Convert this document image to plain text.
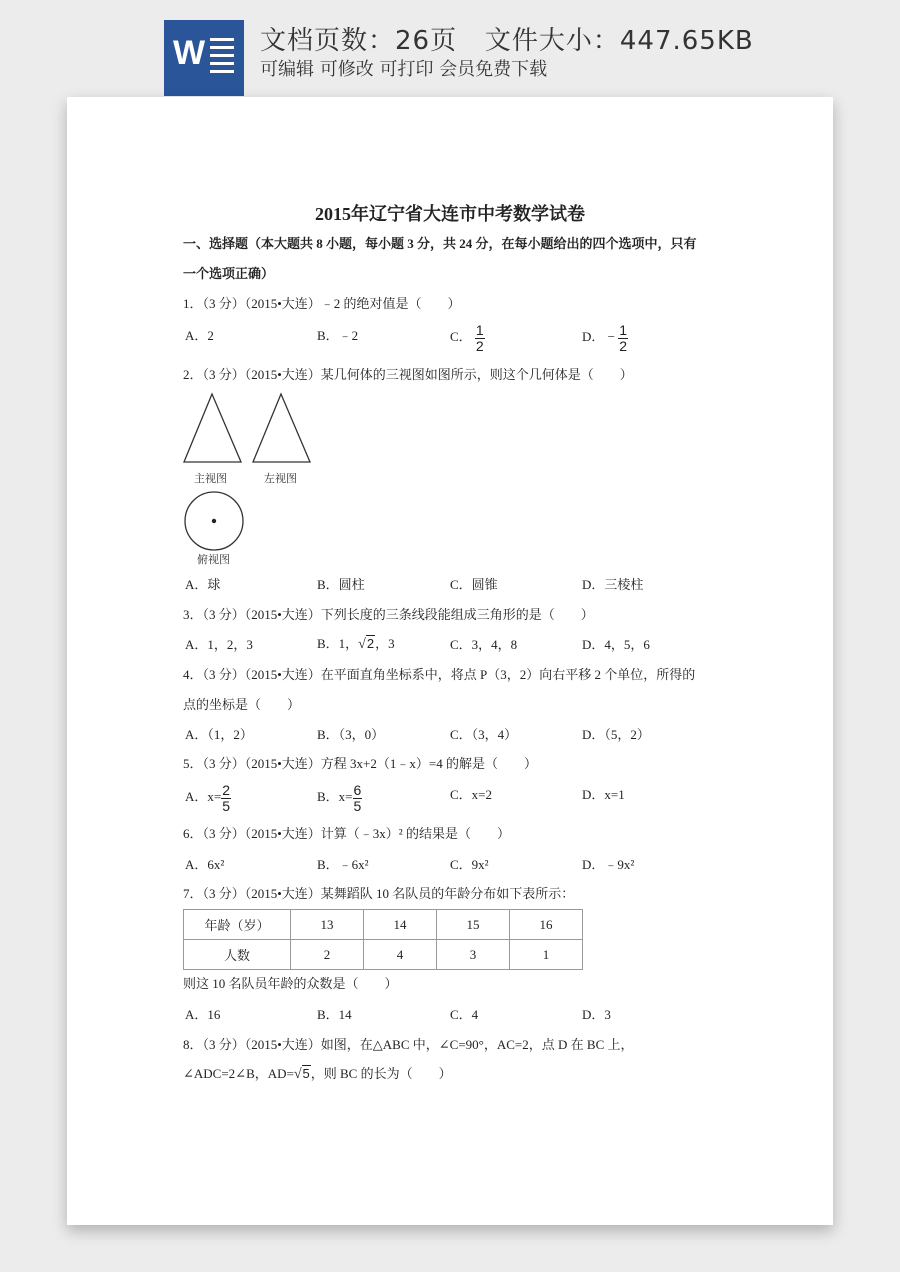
W 文档页数：26页   文件大小：447.65KB
可编辑 可修改 可打印 会员免费下载
2015年辽宁省大连市中考数学试卷
一、选择题（本大题共 8 小题，每小题 3 分，共 24 分，在每小题给出的四个选项中，只有
一个选项正确）
1．（3 分）（2015•大连）﹣2 的绝对值是（　　）
A．2	B．﹣2	C． $\frac{1}{2}$	D． − $\frac{1}{2}$
2．（3 分）（2015•大连）某几何体的三视图如图所示，则这个几何体是（　　）
主视图	左视图
俯视图
A．球	B．圆柱	C．圆锥	D．三棱柱
3．（3 分）（2015•大连）下列长度的三条线段能组成三角形的是（　　）
A．1，2，3	B．1，√2，3	C．3，4，8	D．4，5，6
4．（3 分）（2015•大连）在平面直角坐标系中，将点 P（3，2）向右平移 2 个单位，所得的
点的坐标是（　　）
A．（1，2）	B．（3，0）	C．（3，4）	D．（5，2）
5．（3 分）（2015•大连）方程 3x+2（1﹣x）=4 的解是（　　）
A．$x= \frac{2}{5}$	B．$x= \frac{6}{5}$	C．x=2	D．x=1
6．（3 分）（2015•大连）计算（﹣3x）² 的结果是（　　）
A．6x²	B．﹣6x²	C．9x²	D．﹣9x²
7．（3 分）（2015•大连）某舞蹈队 10 名队员的年龄分布如下表所示：
年龄（岁）	13	14	15	16
人数	2	4	3	1
则这 10 名队员年龄的众数是（　　）
A．16	B．14	C．4	D．3
8．（3 分）（2015•大连）如图，在△ABC 中，∠C=90°，AC=2，点 D 在 BC 上，
∠ADC=2∠B，AD=√5，则 BC 的长为（　　）
